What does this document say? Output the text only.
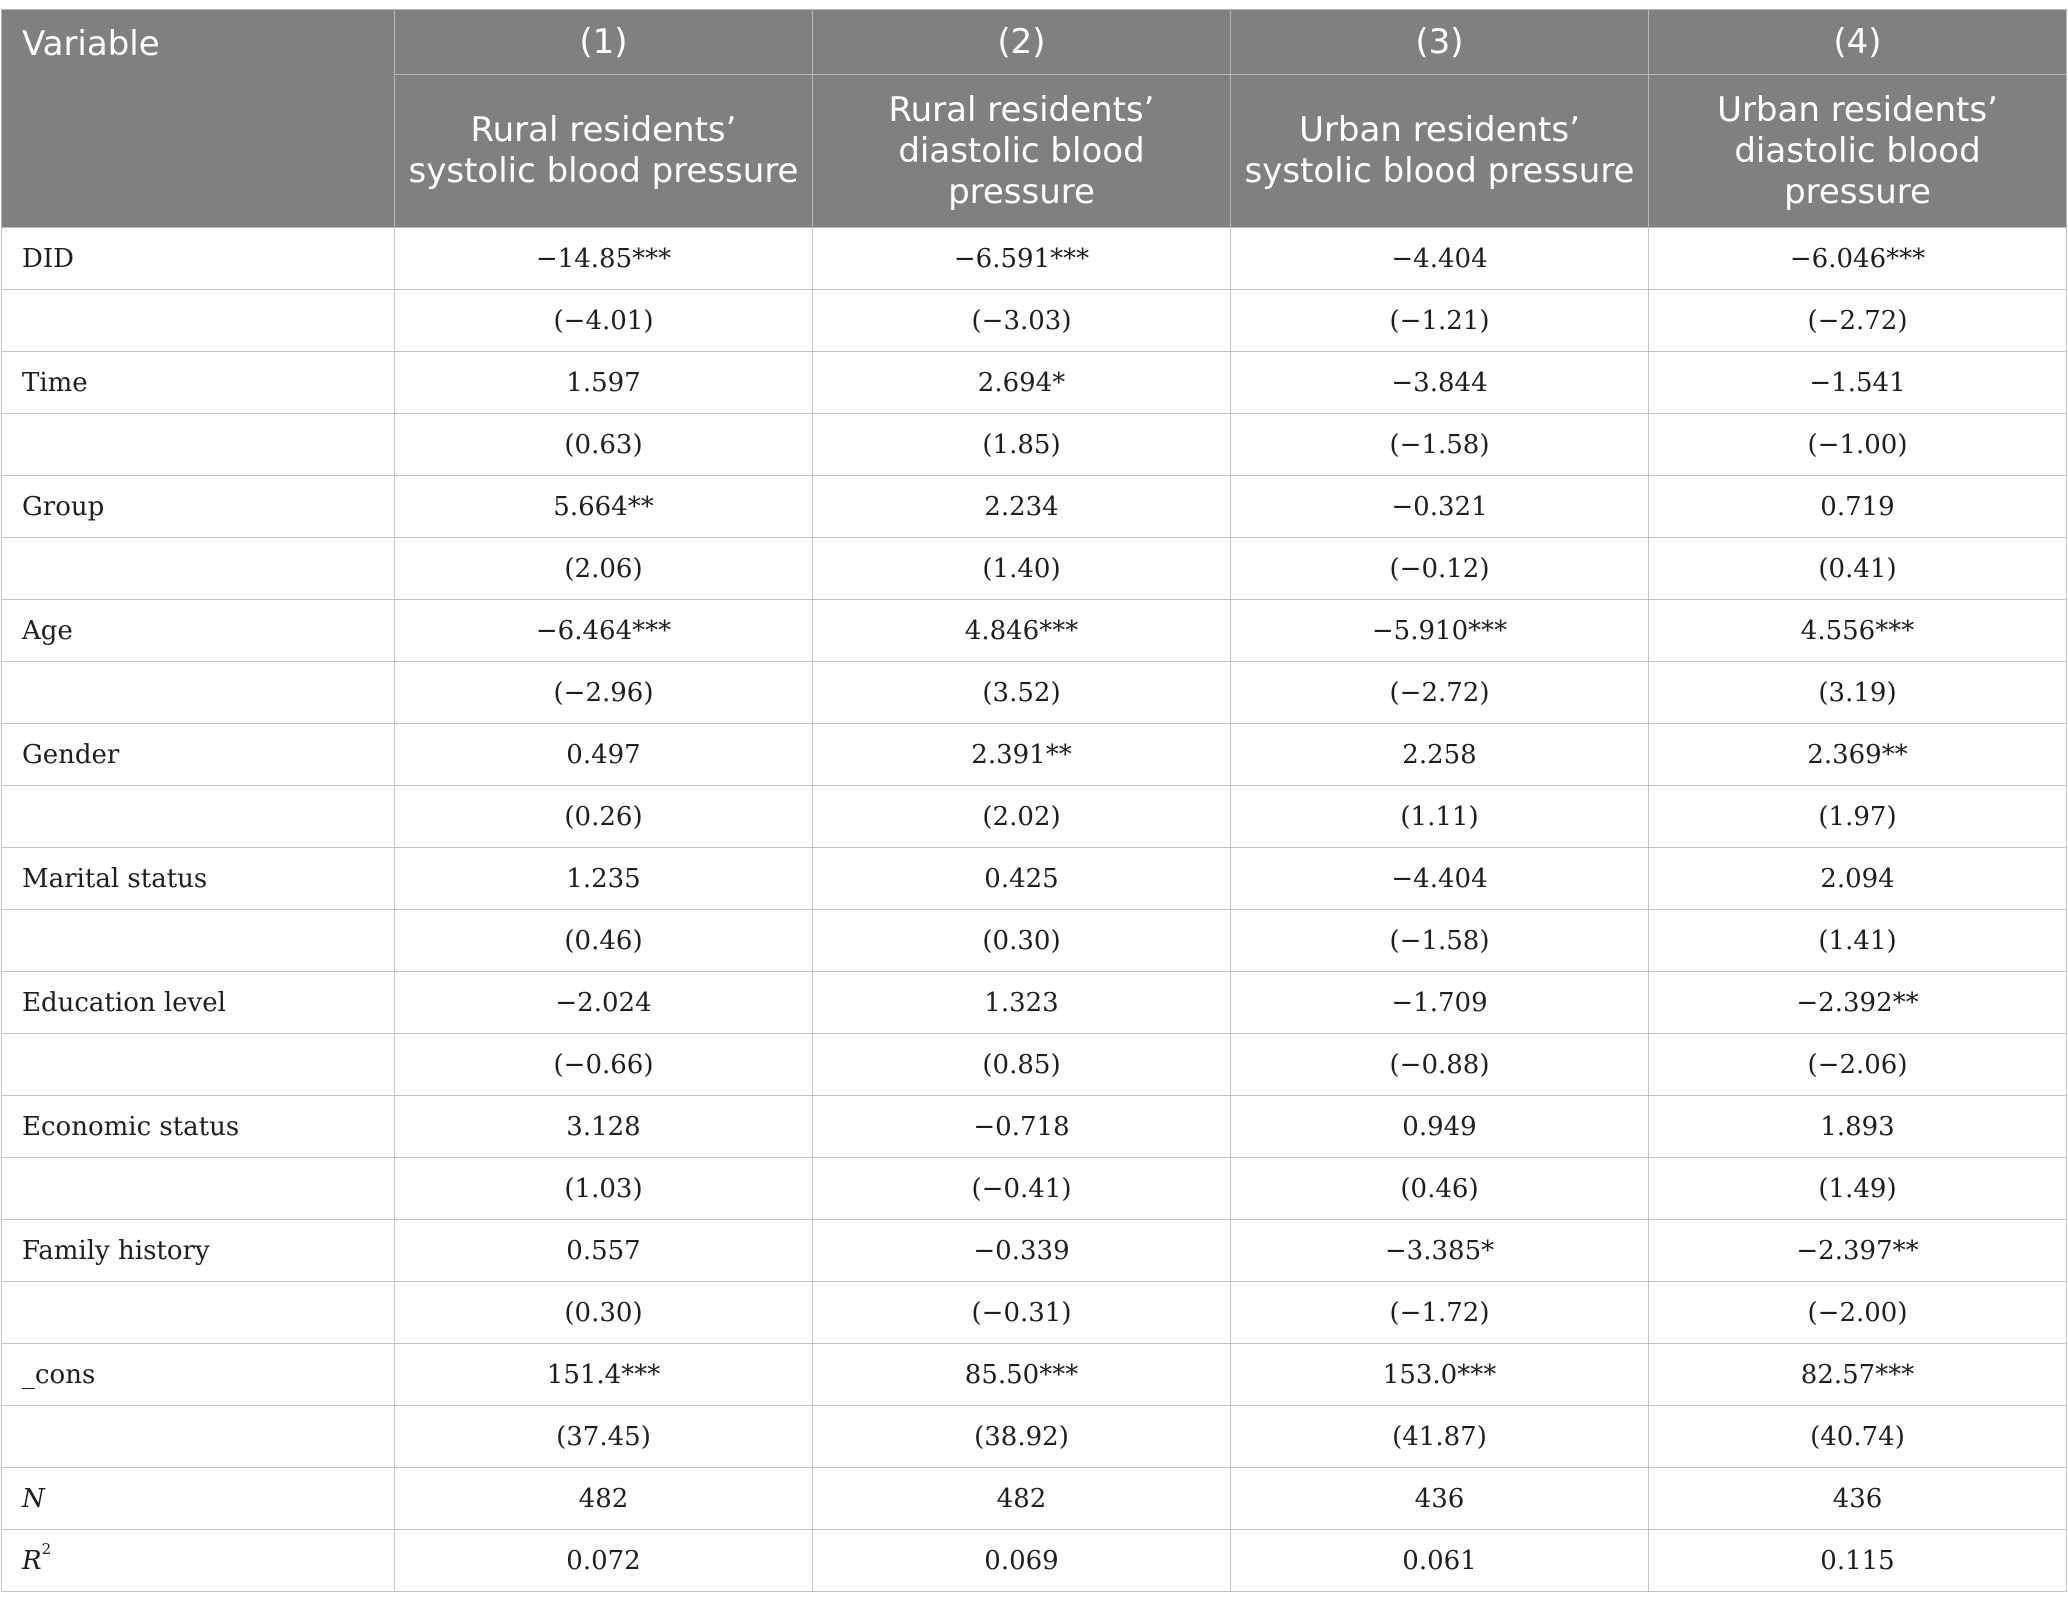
Variable	(1)	(2)	(3)	(4)
	Rural residents’ systolic blood pressure	Rural residents’ diastolic blood pressure	Urban residents’ systolic blood pressure	Urban residents’ diastolic blood pressure
DID	−14.85***	−6.591***	−4.404	−6.046***
	(−4.01)	(−3.03)	(−1.21)	(−2.72)
Time	1.597	2.694*	−3.844	−1.541
	(0.63)	(1.85)	(−1.58)	(−1.00)
Group	5.664**	2.234	−0.321	0.719
	(2.06)	(1.40)	(−0.12)	(0.41)
Age	−6.464***	4.846***	−5.910***	4.556***
	(−2.96)	(3.52)	(−2.72)	(3.19)
Gender	0.497	2.391**	2.258	2.369**
	(0.26)	(2.02)	(1.11)	(1.97)
Marital status	1.235	0.425	−4.404	2.094
	(0.46)	(0.30)	(−1.58)	(1.41)
Education level	−2.024	1.323	−1.709	−2.392**
	(−0.66)	(0.85)	(−0.88)	(−2.06)
Economic status	3.128	−0.718	0.949	1.893
	(1.03)	(−0.41)	(0.46)	(1.49)
Family history	0.557	−0.339	−3.385*	−2.397**
	(0.30)	(−0.31)	(−1.72)	(−2.00)
_cons	151.4***	85.50***	153.0***	82.57***
	(37.45)	(38.92)	(41.87)	(40.74)
N	482	482	436	436
$R^2$	0.072	0.069	0.061	0.115
